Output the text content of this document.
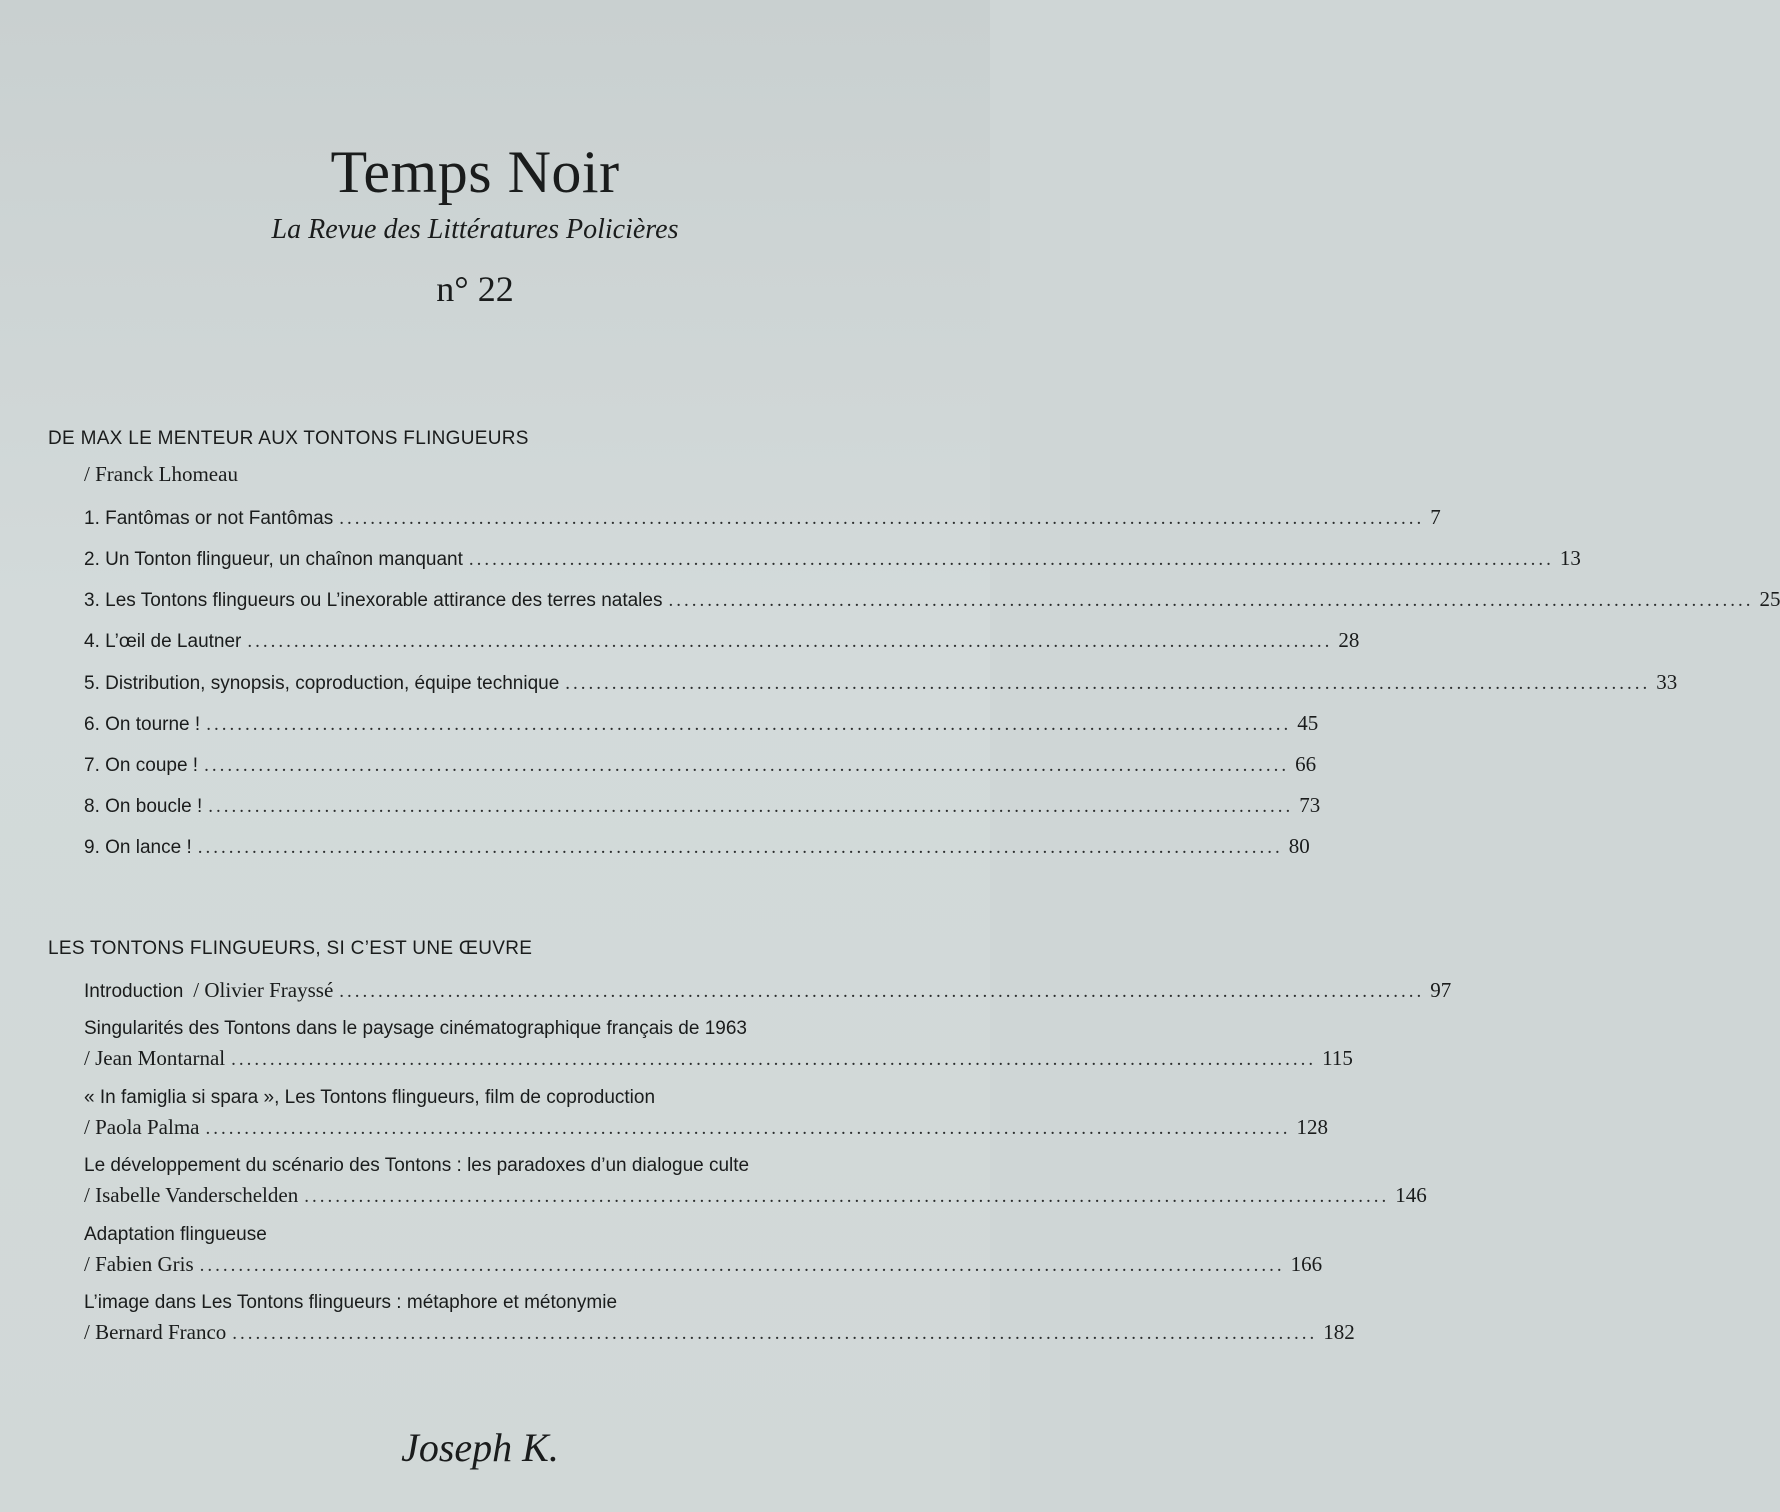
Temps Noir
La Revue des Littératures Policières
n° 22
DE MAX LE MENTEUR AUX TONTONS FLINGUEURS
/ Franck Lhomeau
1. Fantômas or not Fantômas ............................................................................................................................................ 7
2. Un Tonton flingueur, un chaînon manquant ............................................................................................................................................ 13
3. Les Tontons flingueurs ou L’inexorable attirance des terres natales ............................................................................................................................................ 25
4. L’œil de Lautner ............................................................................................................................................ 28
5. Distribution, synopsis, coproduction, équipe technique ............................................................................................................................................ 33
6. On tourne ! ............................................................................................................................................ 45
7. On coupe ! ............................................................................................................................................ 66
8. On boucle ! ............................................................................................................................................ 73
9. On lance ! ............................................................................................................................................ 80
LES TONTONS FLINGUEURS, SI C’EST UNE ŒUVRE
Introduction / Olivier Frayssé ............................................................................................................................................ 97
Singularités des Tontons dans le paysage cinématographique français de 1963
/ Jean Montarnal ............................................................................................................................................ 115
« In famiglia si spara », Les Tontons flingueurs, film de coproduction
/ Paola Palma ............................................................................................................................................ 128
Le développement du scénario des Tontons : les paradoxes d’un dialogue culte
/ Isabelle Vanderschelden ............................................................................................................................................ 146
Adaptation flingueuse
/ Fabien Gris ............................................................................................................................................ 166
L’image dans Les Tontons flingueurs : métaphore et métonymie
/ Bernard Franco ............................................................................................................................................ 182
Joseph K.
